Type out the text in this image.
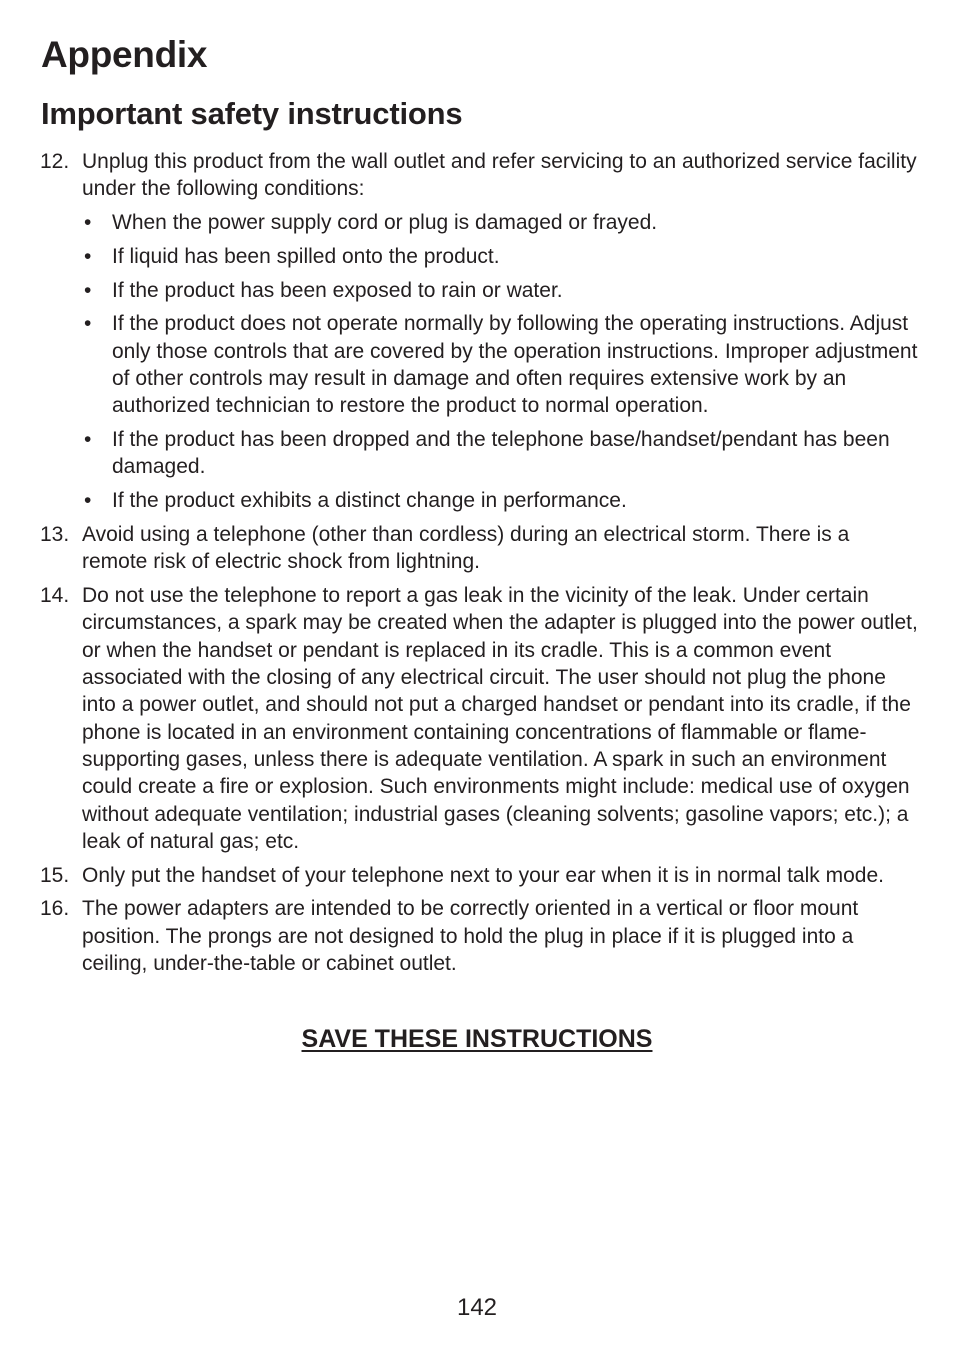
Appendix
Important safety instructions
12. Unplug this product from the wall outlet and refer servicing to an authorized service facility under the following conditions:
• When the power supply cord or plug is damaged or frayed.
• If liquid has been spilled onto the product.
• If the product has been exposed to rain or water.
• If the product does not operate normally by following the operating instructions. Adjust only those controls that are covered by the operation instructions. Improper adjustment of other controls may result in damage and often requires extensive work by an authorized technician to restore the product to normal operation.
• If the product has been dropped and the telephone base/handset/pendant has been damaged.
• If the product exhibits a distinct change in performance.
13. Avoid using a telephone (other than cordless) during an electrical storm. There is a remote risk of electric shock from lightning.
14. Do not use the telephone to report a gas leak in the vicinity of the leak. Under certain circumstances, a spark may be created when the adapter is plugged into the power outlet, or when the handset or pendant is replaced in its cradle. This is a common event associated with the closing of any electrical circuit. The user should not plug the phone into a power outlet, and should not put a charged handset or pendant into its cradle, if the phone is located in an environment containing concentrations of flammable or flame-supporting gases, unless there is adequate ventilation. A spark in such an environment could create a fire or explosion. Such environments might include: medical use of oxygen without adequate ventilation; industrial gases (cleaning solvents; gasoline vapors; etc.); a leak of natural gas; etc.
15. Only put the handset of your telephone next to your ear when it is in normal talk mode.
16. The power adapters are intended to be correctly oriented in a vertical or floor mount position. The prongs are not designed to hold the plug in place if it is plugged into a ceiling, under-the-table or cabinet outlet.
SAVE THESE INSTRUCTIONS
142
